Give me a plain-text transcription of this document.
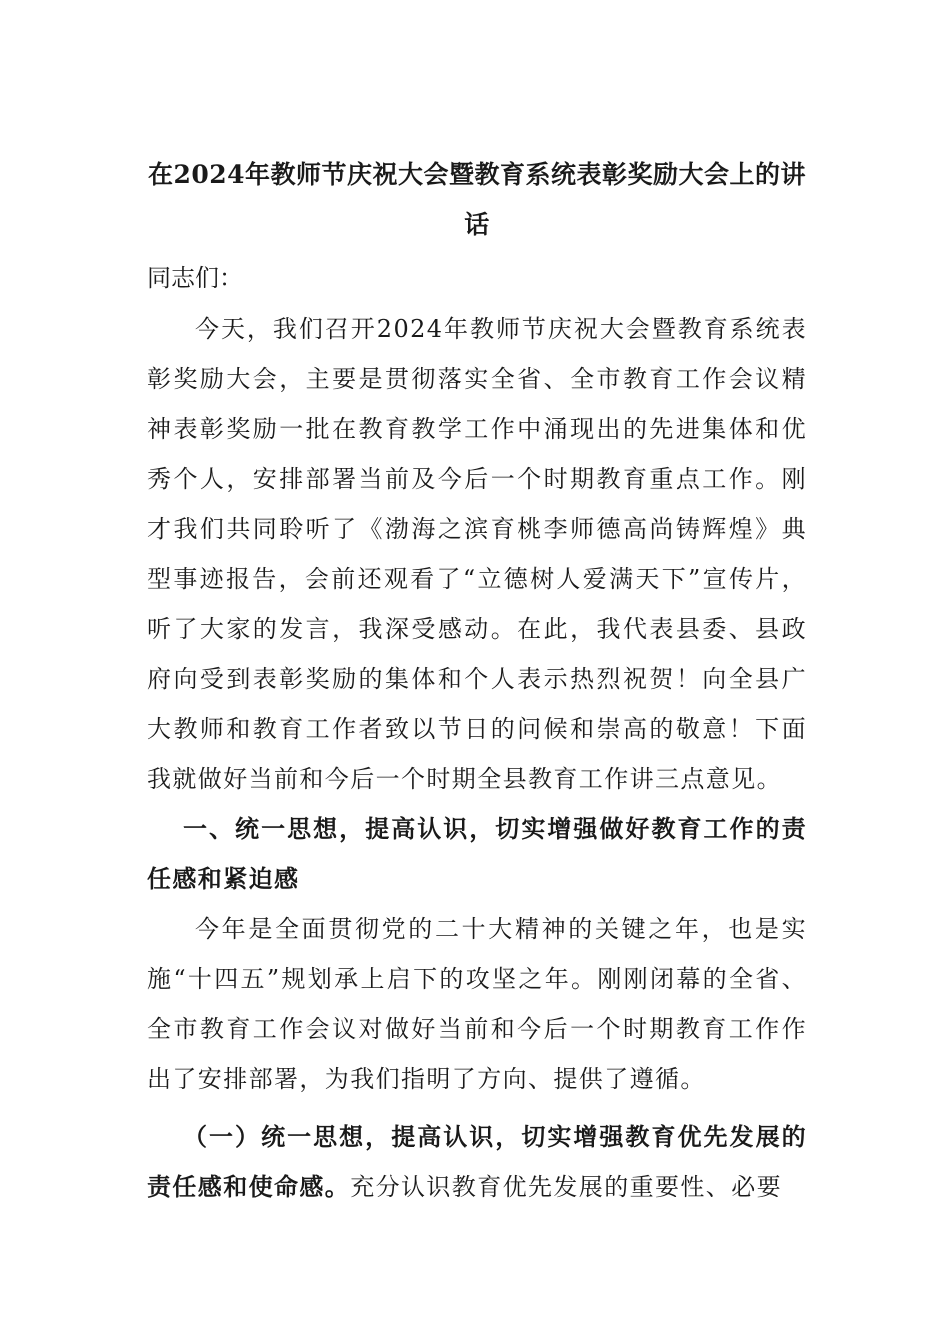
在2024年教师节庆祝大会暨教育系统表彰奖励大会上的讲话

同志们：

今天，我们召开2024年教师节庆祝大会暨教育系统表彰奖励大会，主要是贯彻落实全省、全市教育工作会议精神表彰奖励一批在教育教学工作中涌现出的先进集体和优秀个人，安排部署当前及今后一个时期教育重点工作。刚才我们共同聆听了《渤海之滨育桃李师德高尚铸辉煌》典型事迹报告，会前还观看了“立德树人爱满天下”宣传片，听了大家的发言，我深受感动。在此，我代表县委、县政府向受到表彰奖励的集体和个人表示热烈祝贺！向全县广大教师和教育工作者致以节日的问候和崇高的敬意！下面我就做好当前和今后一个时期全县教育工作讲三点意见。

一、统一思想，提高认识，切实增强做好教育工作的责任感和紧迫感

今年是全面贯彻党的二十大精神的关键之年，也是实施“十四五”规划承上启下的攻坚之年。刚刚闭幕的全省、全市教育工作会议对做好当前和今后一个时期教育工作作出了安排部署，为我们指明了方向、提供了遵循。

（一）统一思想，提高认识，切实增强教育优先发展的责任感和使命感。充分认识教育优先发展的重要性、必要
